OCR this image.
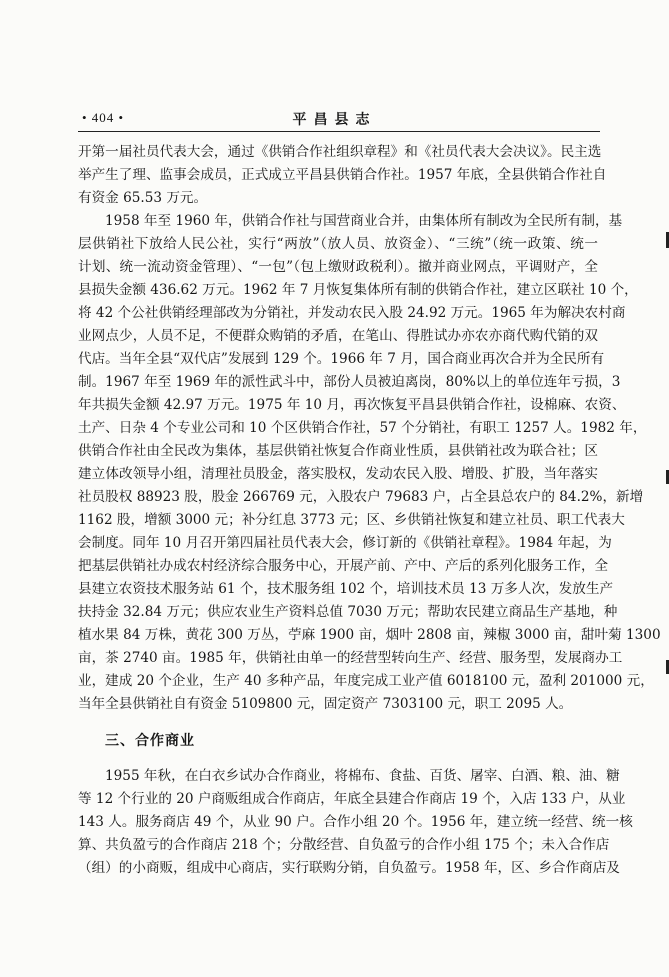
• 404 •	平昌县志
开第一届社员代表大会，通过《供销合作社组织章程》和《社员代表大会决议》。民主选
举产生了理、监事会成员，正式成立平昌县供销合作社。1957 年底，全县供销合作社自
有资金 65.53 万元。
1958 年至 1960 年，供销合作社与国营商业合并，由集体所有制改为全民所有制，基
层供销社下放给人民公社，实行“两放”（放人员、放资金）、“三统”（统一政策、统一
计划、统一流动资金管理）、“一包”（包上缴财政税利）。撤并商业网点，平调财产，全
县损失金额 436.62 万元。1962 年 7 月恢复集体所有制的供销合作社，建立区联社 10 个，
将 42 个公社供销经理部改为分销社，并发动农民入股 24.92 万元。1965 年为解决农村商
业网点少，人员不足，不便群众购销的矛盾，在笔山、得胜试办亦农亦商代购代销的双
代店。当年全县“双代店”发展到 129 个。1966 年 7 月，国合商业再次合并为全民所有
制。1967 年至 1969 年的派性武斗中，部份人员被迫离岗，80%以上的单位连年亏损，3
年共损失金额 42.97 万元。1975 年 10 月，再次恢复平昌县供销合作社，设棉麻、农资、
土产、日杂 4 个专业公司和 10 个区供销合作社，57 个分销社，有职工 1257 人。1982 年，
供销合作社由全民改为集体，基层供销社恢复合作商业性质，县供销社改为联合社；区
建立体改领导小组，清理社员股金，落实股权，发动农民入股、增股、扩股，当年落实
社员股权 88923 股，股金 266769 元，入股农户 79683 户，占全县总农户的 84.2%，新增
1162 股，增额 3000 元；补分红息 3773 元；区、乡供销社恢复和建立社员、职工代表大
会制度。同年 10 月召开第四届社员代表大会，修订新的《供销社章程》。1984 年起，为
把基层供销社办成农村经济综合服务中心，开展产前、产中、产后的系列化服务工作，全
县建立农资技术服务站 61 个，技术服务组 102 个，培训技术员 13 万多人次，发放生产
扶持金 32.84 万元；供应农业生产资料总值 7030 万元；帮助农民建立商品生产基地，种
植水果 84 万株，黄花 300 万丛，苧麻 1900 亩，烟叶 2808 亩，辣椒 3000 亩，甜叶菊 1300
亩，茶 2740 亩。1985 年，供销社由单一的经营型转向生产、经营、服务型，发展商办工
业，建成 20 个企业，生产 40 多种产品，年度完成工业产值 6018100 元，盈利 201000 元，
当年全县供销社自有资金 5109800 元，固定资产 7303100 元，职工 2095 人。
三、合作商业
1955 年秋，在白衣乡试办合作商业，将棉布、食盐、百货、屠宰、白酒、粮、油、糖
等 12 个行业的 20 户商贩组成合作商店，年底全县建合作商店 19 个，入店 133 户，从业
143 人。服务商店 49 个，从业 90 户。合作小组 20 个。1956 年，建立统一经营、统一核
算、共负盈亏的合作商店 218 个；分散经营、自负盈亏的合作小组 175 个；未入合作店
（组）的小商贩，组成中心商店，实行联购分销，自负盈亏。1958 年，区、乡合作商店及
